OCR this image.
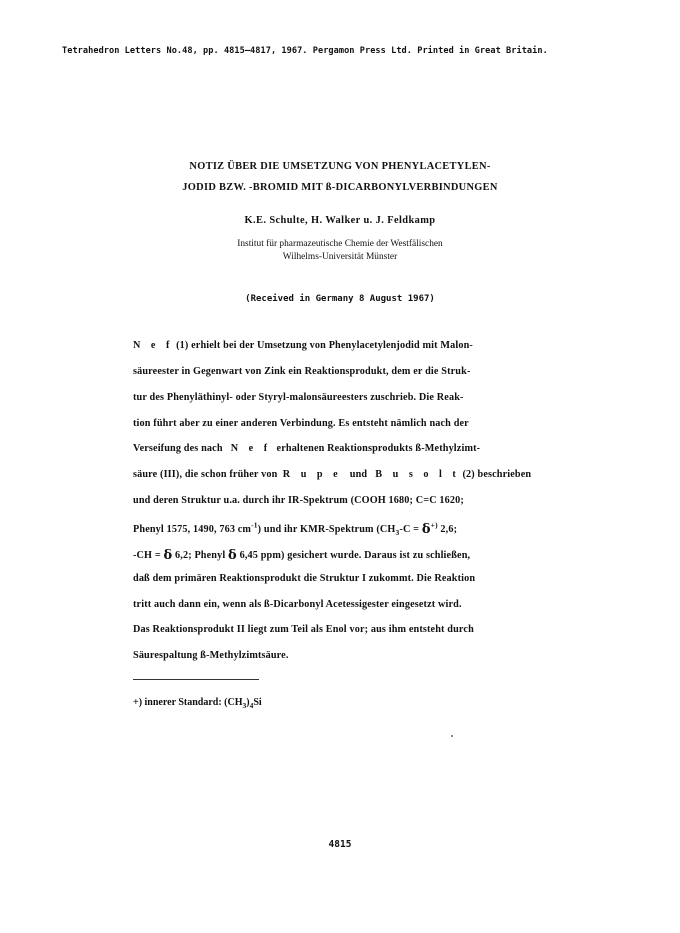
Tetrahedron Letters No.48, pp. 4815–4817, 1967. Pergamon Press Ltd. Printed in Great Britain.
NOTIZ ÜBER DIE UMSETZUNG VON PHENYLACETYLEN-
JODID BZW. -BROMID MIT ß-DICARBONYLVERBINDUNGEN
K.E. Schulte, H. Walker u. J. Feldkamp
Institut für pharmazeutische Chemie der Westfälischen
Wilhelms-Universität Münster
(Received in Germany 8 August 1967)
N e f (1) erhielt bei der Umsetzung von Phenylacetylenjodid mit Malon-
säureester in Gegenwart von Zink ein Reaktionsprodukt, dem er die Struk-
tur des Phenyläthinyl- oder Styryl-malonsäureesters zuschrieb. Die Reak-
tion führt aber zu einer anderen Verbindung. Es entsteht nämlich nach der
Verseifung des nach N e f erhaltenen Reaktionsprodukts ß-Methylzimt-
säure (III), die schon früher von R u p e und B u s o l t (2) beschrieben
und deren Struktur u.a. durch ihr IR-Spektrum (COOH 1680; C=C 1620;
Phenyl 1575, 1490, 763 $cm^{-1}$) und ihr KMR-Spektrum ($CH_3-C = \delta^{+)}$ 2,6;
-CH = δ 6,2; Phenyl δ 6,45 ppm) gesichert wurde. Daraus ist zu schließen,
daß dem primären Reaktionsprodukt die Struktur I zukommt. Die Reaktion
tritt auch dann ein, wenn als ß-Dicarbonyl Acetessigester eingesetzt wird.
Das Reaktionsprodukt II liegt zum Teil als Enol vor; aus ihm entsteht durch
Säurespaltung ß-Methylzimtsäure.
+) innerer Standard: $(CH_3)_4Si$
4815
